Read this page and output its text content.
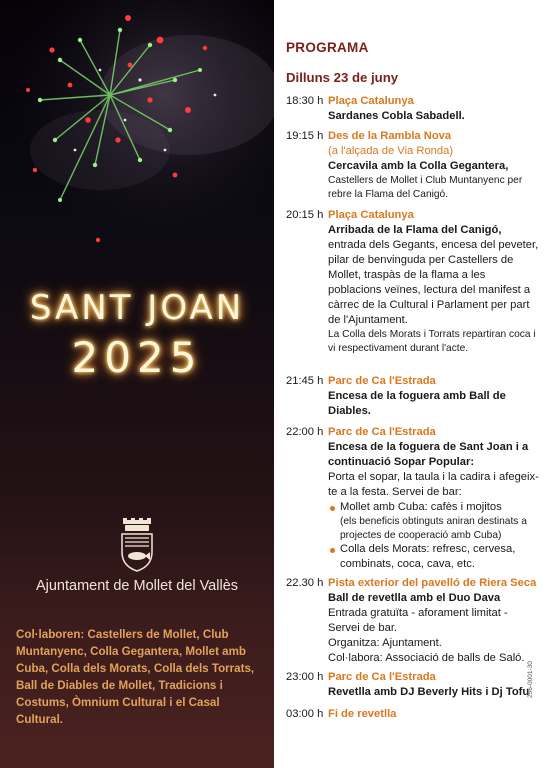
SANT JOAN
2025
Ajuntament de Mollet del Vallès
Col·laboren: Castellers de Mollet, Club Muntanyenc, Colla Gegantera, Mollet amb Cuba, Colla dels Morats, Colla dels Torrats, Ball de Diables de Mollet, Tradicions i Costums, Òmnium Cultural i el Casal Cultural.
PROGRAMA
Dilluns 23 de juny
18:30 h Plaça Catalunya
Sardanes Cobla Sabadell.
19:15 h Des de la Rambla Nova
(a l'alçada de Via Ronda)
Cercavila amb la Colla Gegantera,
Castellers de Mollet i Club Muntanyenc per rebre la Flama del Canigó.
20:15 h Plaça Catalunya
Arribada de la Flama del Canigó,
entrada dels Gegants, encesa del peveter, pilar de benvinguda per Castellers de Mollet, traspàs de la flama a les poblacions veïnes, lectura del manifest a càrrec de la Cultural i Parlament per part de l'Ajuntament.
La Colla dels Morats i Torrats repartiran coca i vi respectivament durant l'acte.
21:45 h Parc de Ca l'Estrada
Encesa de la foguera amb Ball de Diables.
22:00 h Parc de Ca l'Estrada
Encesa de la foguera de Sant Joan i a continuació Sopar Popular:
Porta el sopar, la taula i la cadira i afegeix-te a la festa. Servei de bar:
Mollet amb Cuba: cafès i mojitos
(els beneficis obtinguts aniran destinats a projectes de cooperació amb Cuba)
Colla dels Morats: refresc, cervesa, combinats, coca, cava, etc.
22.30 h Pista exterior del pavelló de Riera Seca
Ball de revetlla amb el Duo Dava
Entrada gratuïta - aforament limitat - Servei de bar.
Organitza: Ajuntament.
Col·labora: Associació de balls de Saló.
23:00 h Parc de Ca l'Estrada
Revetlla amb DJ Beverly Hits i Dj Tofu
03:00 h Fi de revetlla
256-0001-30
